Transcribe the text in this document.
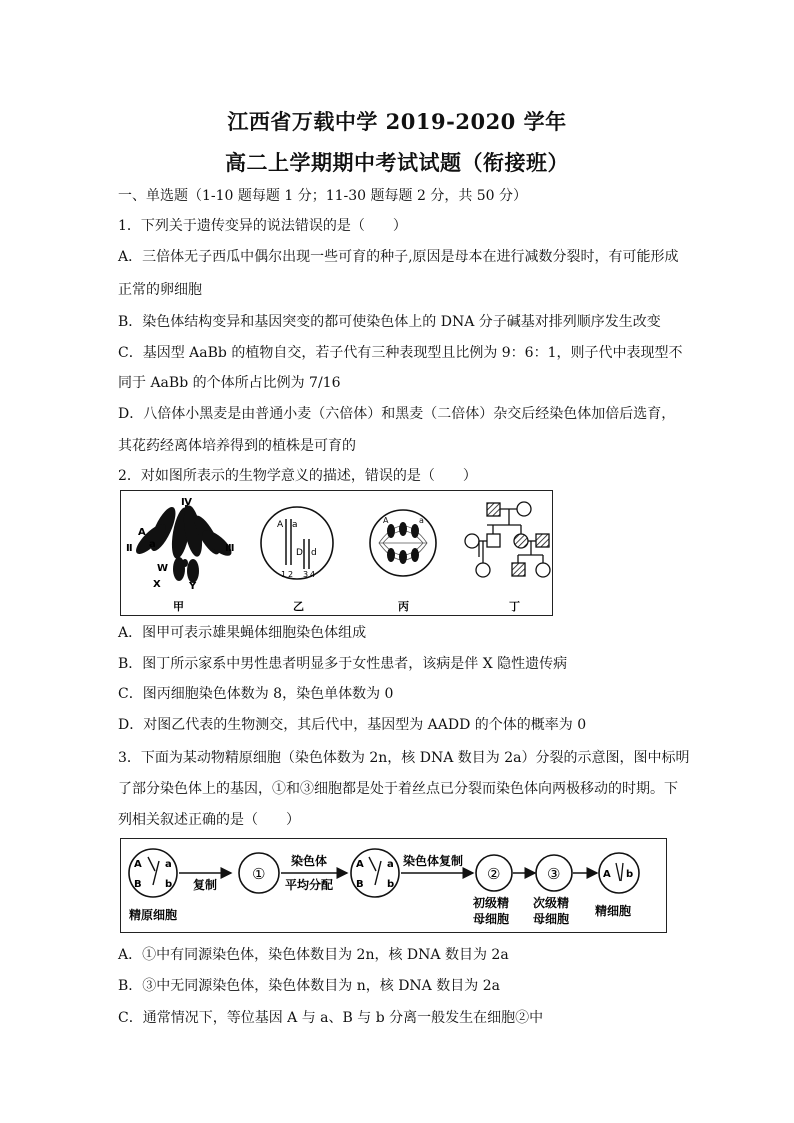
江西省万载中学 2019-2020 学年
高二上学期期中考试试题（衔接班）
一、单选题（1-10 题每题 1 分；11-30 题每题 2 分，共 50 分）
1．下列关于遗传变异的说法错误的是（　　）
A．三倍体无子西瓜中偶尔出现一些可育的种子,原因是母本在进行减数分裂时，有可能形成
正常的卵细胞
B．染色体结构变异和基因突变的都可使染色体上的 DNA 分子碱基对排列顺序发生改变
C．基因型 AaBb 的植物自交，若子代有三种表现型且比例为 9：6：1，则子代中表现型不
同于 AaBb 的个体所占比例为 7/16
D．八倍体小黑麦是由普通小麦（六倍体）和黑麦（二倍体）杂交后经染色体加倍后选育，
其花药经离体培养得到的植株是可育的
2．对如图所表示的生物学意义的描述，错误的是（　　）
Ⅳ
A
a
Ⅱ	Ⅲ
W
X	Y
甲
A a
D d
1 2 3 4
乙
A	a
丙	丁
A．图甲可表示雄果蝇体细胞染色体组成
B．图丁所示家系中男性患者明显多于女性患者，该病是伴 X 隐性遗传病
C．图丙细胞染色体数为 8，染色单体数为 0
D．对图乙代表的生物测交，其后代中，基因型为 AADD 的个体的概率为 0
3．下面为某动物精原细胞（染色体数为 2n，核 DNA 数目为 2a）分裂的示意图，图中标明
了部分染色体上的基因，①和③细胞都是处于着丝点已分裂而染色体向两极移动的时期。下
列相关叙述正确的是（　　）
A a
B b
精原细胞
复制
①
染色体
平均分配
A a
B b
染色体复制
②
初级精
母细胞
③
次级精
母细胞
A b
精细胞
A．①中有同源染色体，染色体数目为 2n，核 DNA 数目为 2a
B．③中无同源染色体，染色体数目为 n，核 DNA 数目为 2a
C．通常情况下，等位基因 A 与 a、B 与 b 分离一般发生在细胞②中
